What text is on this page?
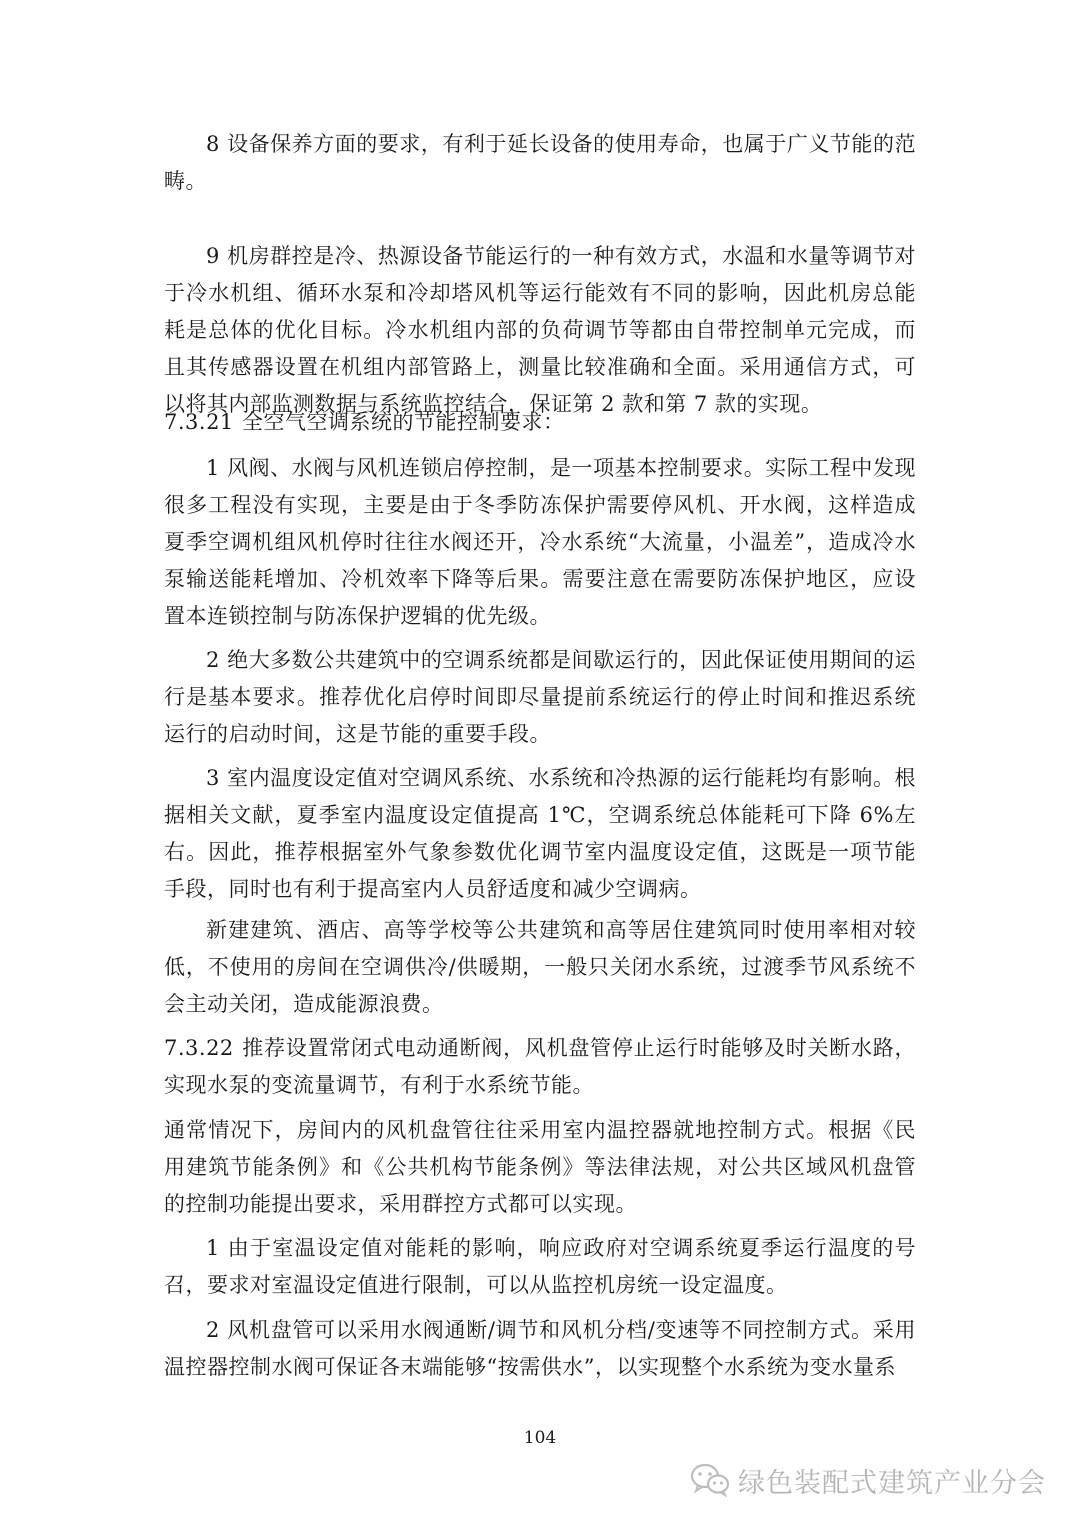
8 设备保养方面的要求，有利于延长设备的使用寿命，也属于广义节能的范畴。

9 机房群控是冷、热源设备节能运行的一种有效方式，水温和水量等调节对于冷水机组、循环水泵和冷却塔风机等运行能效有不同的影响，因此机房总能耗是总体的优化目标。冷水机组内部的负荷调节等都由自带控制单元完成，而且其传感器设置在机组内部管路上，测量比较准确和全面。采用通信方式，可以将其内部监测数据与系统监控结合，保证第 2 款和第 7 款的实现。

7.3.21 全空气空调系统的节能控制要求：

1 风阀、水阀与风机连锁启停控制，是一项基本控制要求。实际工程中发现很多工程没有实现，主要是由于冬季防冻保护需要停风机、开水阀，这样造成夏季空调机组风机停时往往水阀还开，冷水系统“大流量，小温差”，造成冷水泵输送能耗增加、冷机效率下降等后果。需要注意在需要防冻保护地区，应设置本连锁控制与防冻保护逻辑的优先级。

2 绝大多数公共建筑中的空调系统都是间歇运行的，因此保证使用期间的运行是基本要求。推荐优化启停时间即尽量提前系统运行的停止时间和推迟系统运行的启动时间，这是节能的重要手段。

3 室内温度设定值对空调风系统、水系统和冷热源的运行能耗均有影响。根据相关文献，夏季室内温度设定值提高 1℃，空调系统总体能耗可下降 6%左右。因此，推荐根据室外气象参数优化调节室内温度设定值，这既是一项节能手段，同时也有利于提高室内人员舒适度和减少空调病。

新建建筑、酒店、高等学校等公共建筑和高等居住建筑同时使用率相对较低，不使用的房间在空调供冷/供暖期，一般只关闭水系统，过渡季节风系统不会主动关闭，造成能源浪费。

7.3.22 推荐设置常闭式电动通断阀，风机盘管停止运行时能够及时关断水路，实现水泵的变流量调节，有利于水系统节能。

通常情况下，房间内的风机盘管往往采用室内温控器就地控制方式。根据《民用建筑节能条例》和《公共机构节能条例》等法律法规，对公共区域风机盘管的控制功能提出要求，采用群控方式都可以实现。

1 由于室温设定值对能耗的影响，响应政府对空调系统夏季运行温度的号召，要求对室温设定值进行限制，可以从监控机房统一设定温度。

2 风机盘管可以采用水阀通断/调节和风机分档/变速等不同控制方式。采用温控器控制水阀可保证各末端能够“按需供水”，以实现整个水系统为变水量系

104
绿色装配式建筑产业分会
